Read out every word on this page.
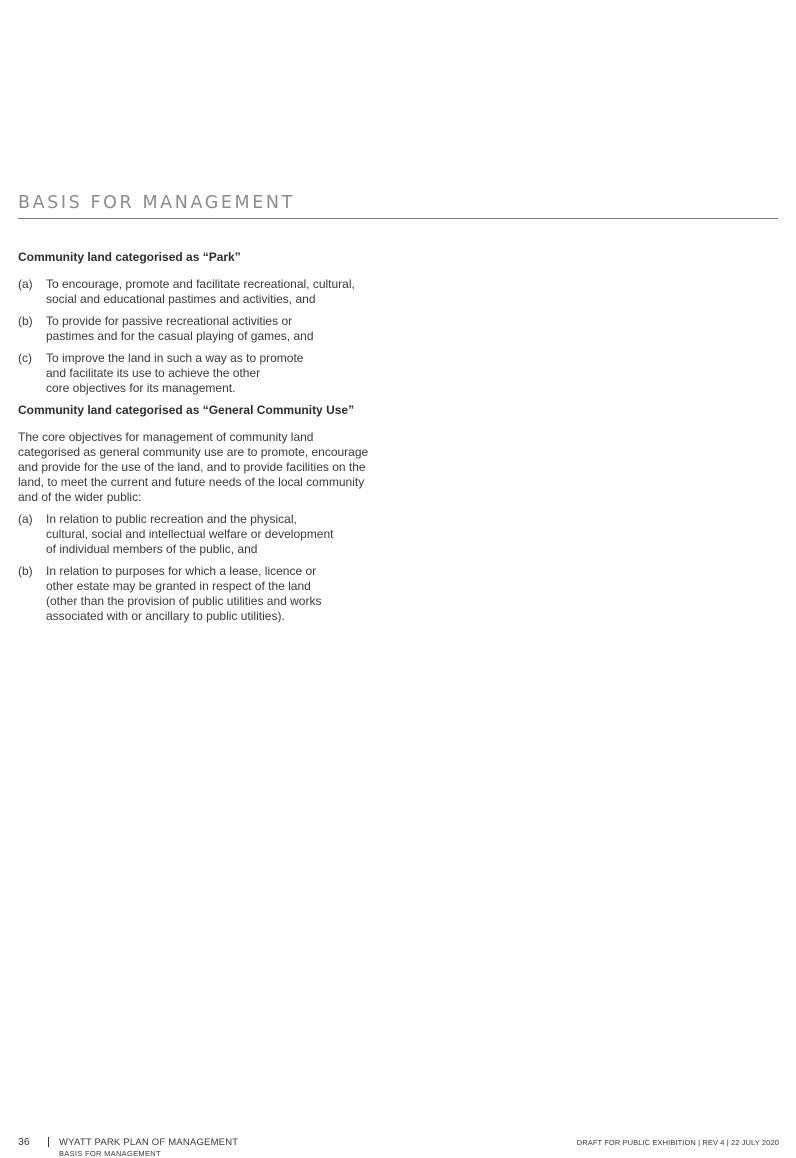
BASIS FOR MANAGEMENT

Community land categorised as “Park”

(a) To encourage, promote and facilitate recreational, cultural,
social and educational pastimes and activities, and
(b) To provide for passive recreational activities or
pastimes and for the casual playing of games, and
(c) To improve the land in such a way as to promote
and facilitate its use to achieve the other
core objectives for its management.

Community land categorised as “General Community Use”

The core objectives for management of community land
categorised as general community use are to promote, encourage
and provide for the use of the land, and to provide facilities on the
land, to meet the current and future needs of the local community
and of the wider public:

(a) In relation to public recreation and the physical,
cultural, social and intellectual welfare or development
of individual members of the public, and
(b) In relation to purposes for which a lease, licence or
other estate may be granted in respect of the land
(other than the provision of public utilities and works
associated with or ancillary to public utilities).
36	WYATT PARK PLAN OF MANAGEMENT
BASIS FOR MANAGEMENT
DRAFT FOR PUBLIC EXHIBITION | REV 4 | 22 JULY 2020
